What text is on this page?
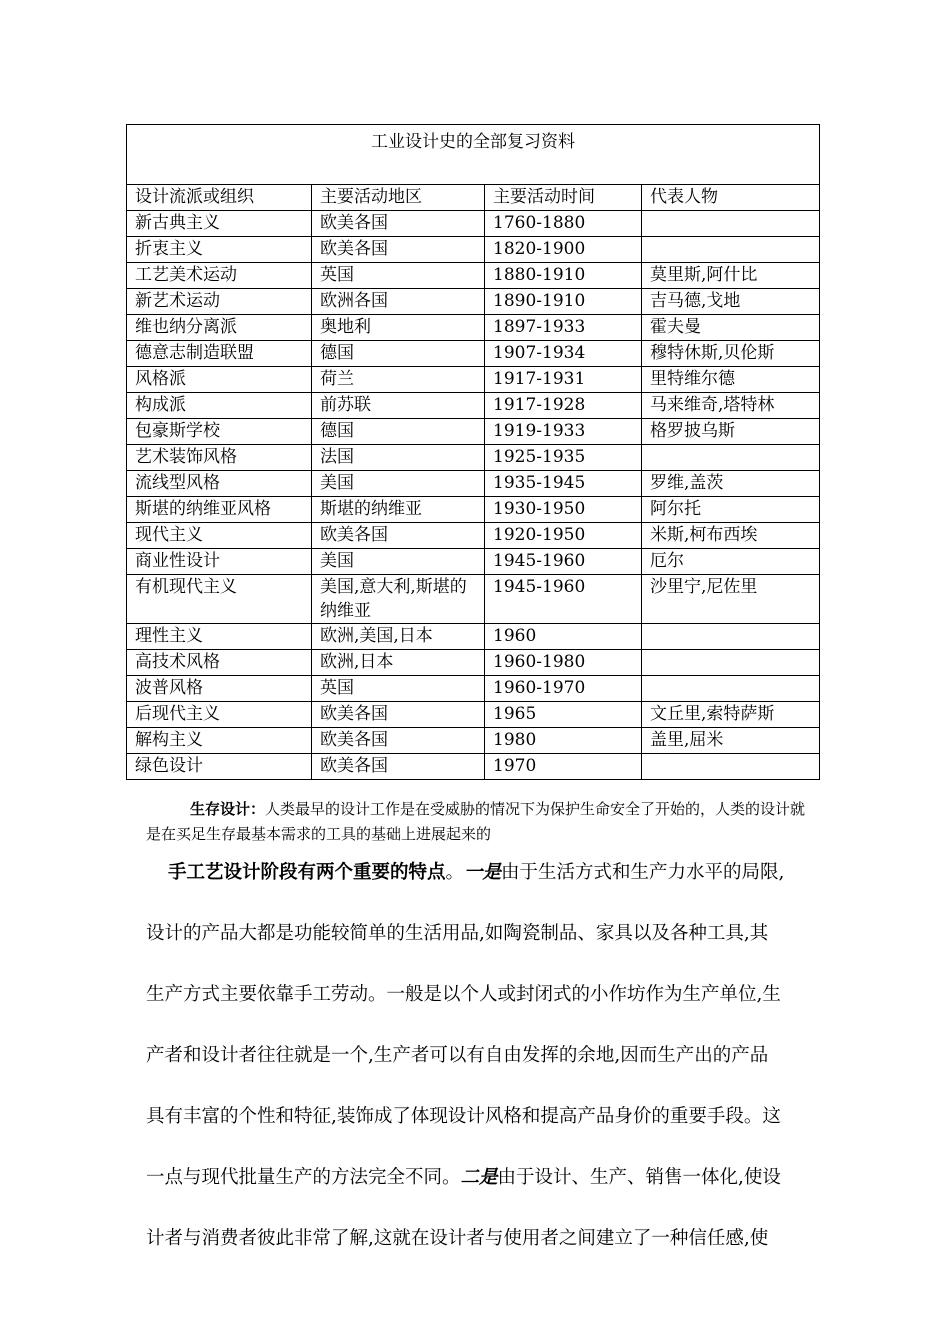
工业设计史的全部复习资料			
设计流派或组织	主要活动地区	主要活动时间	代表人物
新古典主义	欧美各国	1760-1880	
折衷主义	欧美各国	1820-1900	
工艺美术运动	英国	1880-1910	莫里斯,阿什比
新艺术运动	欧洲各国	1890-1910	吉马德,戈地
维也纳分离派	奥地利	1897-1933	霍夫曼
德意志制造联盟	德国	1907-1934	穆特休斯,贝伦斯
风格派	荷兰	1917-1931	里特维尔德
构成派	前苏联	1917-1928	马来维奇,塔特林
包豪斯学校	德国	1919-1933	格罗披乌斯
艺术装饰风格	法国	1925-1935	
流线型风格	美国	1935-1945	罗维,盖茨
斯堪的纳维亚风格	斯堪的纳维亚	1930-1950	阿尔托
现代主义	欧美各国	1920-1950	米斯,柯布西埃
商业性设计	美国	1945-1960	厄尔
有机现代主义	美国,意大利,斯堪的纳维亚	1945-1960	沙里宁,尼佐里
理性主义	欧洲,美国,日本	1960	
高技术风格	欧洲,日本	1960-1980	
波普风格	英国	1960-1970	
后现代主义	欧美各国	1965	文丘里,索特萨斯
解构主义	欧美各国	1980	盖里,屈米
绿色设计	欧美各国	1970	
生存设计：人类最早的设计工作是在受威胁的情况下为保护生命安全了开始的，人类的设计就是在买足生存最基本需求的工具的基础上进展起来的
手工艺设计阶段有两个重要的特点。一是由于生活方式和生产力水平的局限,
设计的产品大都是功能较简单的生活用品,如陶瓷制品、家具以及各种工具,其
生产方式主要依靠手工劳动。一般是以个人或封闭式的小作坊作为生产单位,生
产者和设计者往往就是一个,生产者可以有自由发挥的余地,因而生产出的产品
具有丰富的个性和特征,装饰成了体现设计风格和提高产品身价的重要手段。这
一点与现代批量生产的方法完全不同。二是由于设计、生产、销售一体化,使设
计者与消费者彼此非常了解,这就在设计者与使用者之间建立了一种信任感,使
